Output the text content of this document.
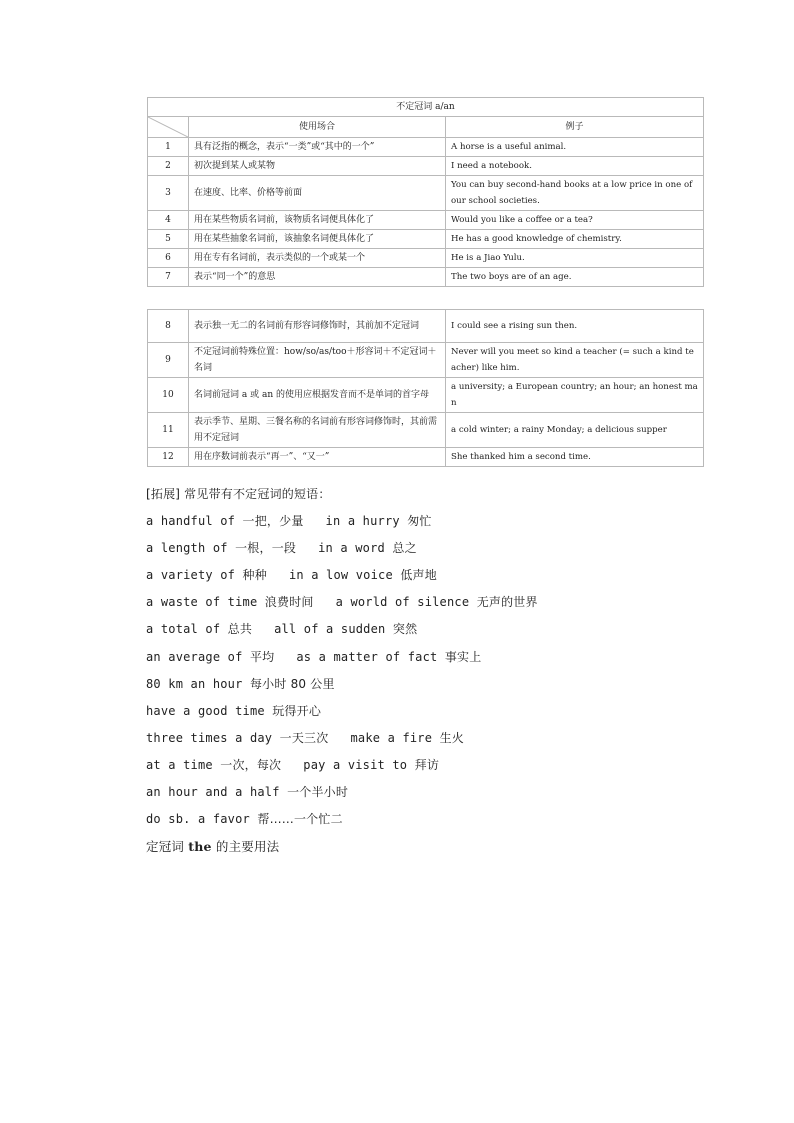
不定冠词 a/an		

	使用场合	例子
1	具有泛指的概念，表示“一类”或“其中的一个”	A horse is a useful animal.
2	初次提到某人或某物	I need a notebook.
3	在速度、比率、价格等前面	You can buy second-hand books at a low price in one of our school societies.
4	用在某些物质名词前，该物质名词便具体化了	Would you like a coffee or a tea?
5	用在某些抽象名词前，该抽象名词便具体化了	He has a good knowledge of chemistry.
6	用在专有名词前，表示类似的一个或某一个	He is a Jiao Yulu.
7	表示“同一个”的意思	The two boys are of an age.
8	表示独一无二的名词前有形容词修饰时，其前加不定冠词	I could see a rising sun then.
9	不定冠词前特殊位置：how/so/as/too＋形容词＋不定冠词＋名词	Never will you meet so kind a teacher (= such a kind teacher) like him.
10	名词前冠词 a 或 an 的使用应根据发音而不是单词的首字母	a university; a European country; an hour; an honest man
11	表示季节、星期、三餐名称的名词前有形容词修饰时，其前需用不定冠词	a cold winter; a rainy Monday; a delicious supper
12	用在序数词前表示“再一”、“又一”	She thanked him a second time.
[拓展] 常见带有不定冠词的短语：
a handful of 一把，少量 in a hurry 匆忙
a length of 一根，一段 in a word 总之
a variety of 种种 in a low voice 低声地
a waste of time 浪费时间 a world of silence 无声的世界
a total of 总共 all of a sudden 突然
an average of 平均 as a matter of fact 事实上
80 km an hour 每小时 80 公里
have a good time 玩得开心
three times a day 一天三次 make a fire 生火
at a time 一次，每次 pay a visit to 拜访
an hour and a half 一个半小时
do sb. a favor 帮……一个忙二
定冠词 the 的主要用法
